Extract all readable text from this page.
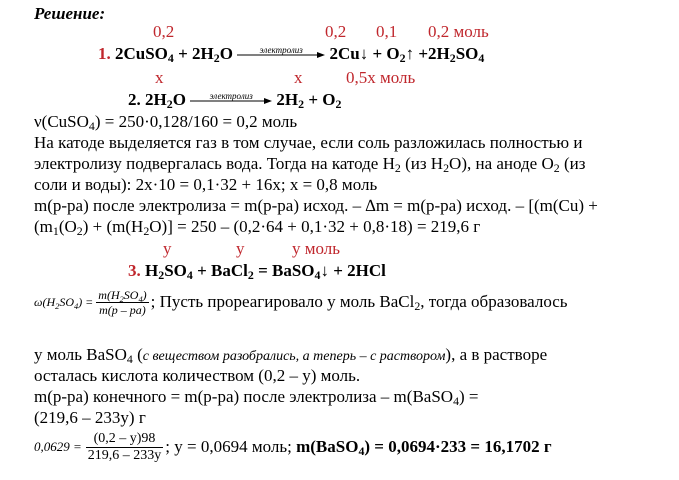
Решение:
0,2	0,2 0,1 0,2 моль
1. 2CuSO$_4$ + $2H_2O$	электролиз	2Cu↓ + $O_2↑ +2H_2SO_4$
x	x	0,5x моль
2. $2H_2O$	электролиз	$2H_2 + O_2$
ν(CuSO$_4$) = 250·0,128/160 = 0,2 моль
На катоде выделяется газ в том случае, если соль разложилась полностью и
электролизу подвергалась вода. Тогда на катоде $H_2$ (из $H_2O$), на аноде $O_2$ (из
соли и воды): 2x·10 = 0,1·32 + 16x; x = 0,8 моль
m(р-ра) после электролиза = m(р-ра) исход. – ∆m = m(р-ра) исход. – [(m(Cu) +
($m_1(O_2) + (m(H_2O)] = 250 - (0,2\cdot 64 + 0,1\cdot 32 + 0,8\cdot 18) = 219,6$ г
y	y	y моль
3. $H_2SO_4$ + BaCl$_2$ = BaSO$_4$↓ + 2HCl
$\omega(H_2SO_4) = \frac{m(H_2SO_4)}{m(p - pa)}$ ; Пусть прореагировало y моль BaCl$_2$, тогда образовалось
y моль BaSO$_4$ (с веществом разобрались, а теперь – с раствором), а в растворе
осталась кислота количеством (0,2 – y) моль.
m(р-ра) конечного = m(р-ра) после электролиза – m(BaSO$_4$) =
(219,6 – 233y) г
$0,0629 = \frac{(0,2 - y)98}{219,6 - 233y}$ ; y = 0,0694 моль; m(BaSO$_4$) = 0,0694·233 = 16,1702 г
